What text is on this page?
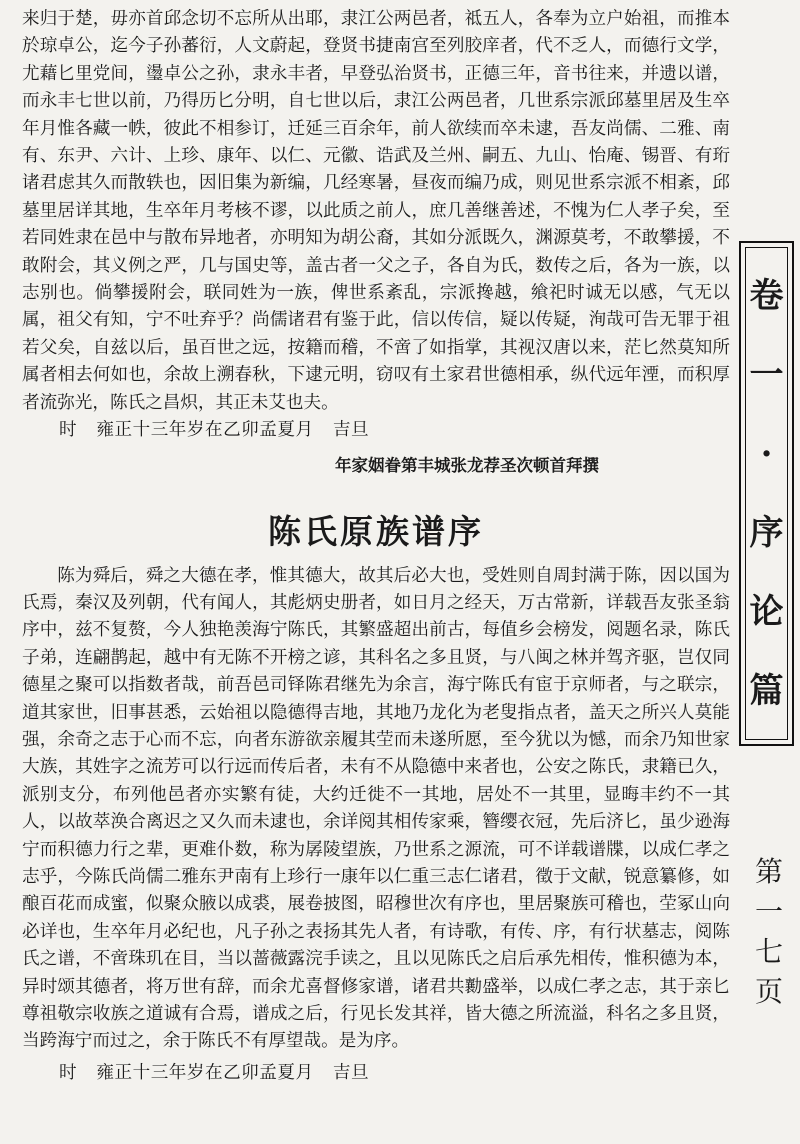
来归于楚，毋亦首邱念切不忘所从出耶，隶江公两邑者，祗五人，各奉为立户始祖，而推本於琼卓公，迄今子孙蕃衍，人文蔚起，登贤书捷南宫至列胶庠者，代不乏人，而德行文学，尤藉匕里党间，璗卓公之孙，隶永丰者，早登弘治贤书，正德三年，音书往来，并遗以谱，而永丰七世以前，乃得历匕分明，自七世以后，隶江公两邑者，几世系宗派邱墓里居及生卒年月惟各藏一帙，彼此不相参订，迁延三百余年，前人欲续而卒未逮，吾友尚儒、二雅、南有、东尹、六计、上珍、康年、以仁、元徽、诰武及兰州、嗣五、九山、怡庵、锡晋、有珩诸君虑其久而散轶也，因旧集为新编，几经寒暑，昼夜而编乃成，则见世系宗派不相紊，邱墓里居详其地，生卒年月考核不谬，以此质之前人，庶几善继善述，不愧为仁人孝子矣，至若同姓隶在邑中与散布异地者，亦明知为胡公裔，其如分派既久，渊源莫考，不敢攀援，不敢附会，其义例之严，几与国史等，盖古者一父之子，各自为氏，数传之后，各为一族，以志别也。倘攀援附会，联同姓为一族，俾世系紊乱，宗派搀越，飨祀时诚无以感，气无以属，祖父有知，宁不吐弃乎？尚儒诸君有鉴于此，信以传信，疑以传疑，洵哉可告无罪于祖若父矣，自兹以后，虽百世之远，按籍而稽，不啻了如指掌，其视汉唐以来，茫匕然莫知所属者相去何如也，余故上溯春秋，下逮元明，窃叹有土家君世德相承，纵代远年湮，而积厚者流弥光，陈氏之昌炽，其正未艾也夫。

时 雍正十三年岁在乙卯孟夏月 吉旦
年家姻眷第丰城张龙荐圣次顿首拜撰
陈氏原族谱序

陈为舜后，舜之大德在孝，惟其德大，故其后必大也，受姓则自周封满于陈，因以国为氏焉，秦汉及列朝，代有闻人，其彪炳史册者，如日月之经天，万古常新，详载吾友张圣翁序中，兹不复赘，今人独艳羡海宁陈氏，其繁盛超出前古，每值乡会榜发，阅题名录，陈氏子弟，连翩鹊起，越中有无陈不开榜之谚，其科名之多且贤，与八闽之林并驾齐驱，岂仅同德星之聚可以指数者哉，前吾邑司铎陈君继先为余言，海宁陈氏有宦于京师者，与之联宗，道其家世，旧事甚悉，云始祖以隐德得吉地，其地乃龙化为老叟指点者，盖天之所兴人莫能强，余奇之志于心而不忘，向者东游欲亲履其茔而未遂所愿，至今犹以为憾，而余乃知世家大族，其姓字之流芳可以行远而传后者，未有不从隐德中来者也，公安之陈氏，隶籍已久，派别支分，布列他邑者亦实繁有徒，大约迁徙不一其地，居处不一其里，显晦丰约不一其人，以故萃涣合离迟之又久而未逮也，余详阅其相传家乘，簪缨衣冠，先后济匕，虽少逊海宁而积德力行之辈，更难仆数，称为孱陵望族，乃世系之源流，可不详载谱牒，以成仁孝之志乎，今陈氏尚儒二雅东尹南有上珍行一康年以仁重三志仁诸君，徵于文献，锐意纂修，如酿百花而成蜜，似聚众腋以成裘，展卷披图，昭穆世次有序也，里居聚族可稽也，茔冢山向必详也，生卒年月必纪也，凡子孙之表扬其先人者，有诗歌，有传、序，有行状墓志，阅陈氏之谱，不啻珠玑在目，当以蔷薇露浣手读之，且以见陈氏之启后承先相传，惟积德为本，异时颂其德者，将万世有辞，而余尤喜督修家谱，诸君共勷盛举，以成仁孝之志，其于亲匕尊祖敬宗收族之道诚有合焉，谱成之后，行见长发其祥，皆大德之所流溢，科名之多且贤，当跨海宁而过之，余于陈氏不有厚望哉。是为序。

时 雍正十三年岁在乙卯孟夏月 吉旦
卷
一
·
序
论
篇
第
一
七
页
